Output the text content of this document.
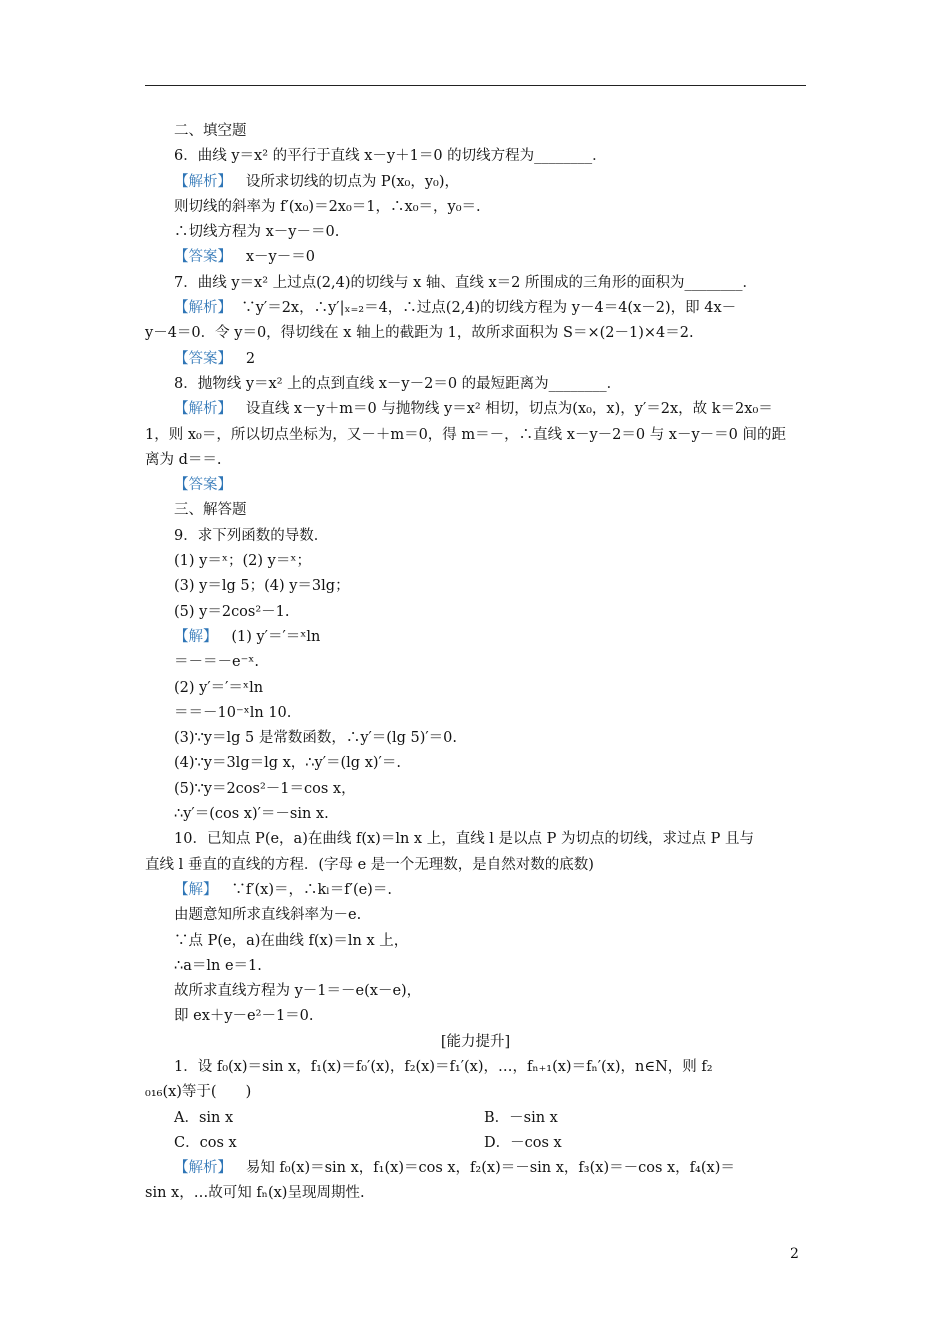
二、填空题
6．曲线 y＝x² 的平行于直线 x－y＋1＝0 的切线方程为________．
【解析】 设所求切线的切点为 P(x₀，y₀)，
则切线的斜率为 f′(x₀)＝2x₀＝1，∴x₀＝，y₀＝.
∴切线方程为 x－y－＝0.
【答案】 x－y－＝0
7．曲线 y＝x² 上过点(2,4)的切线与 x 轴、直线 x＝2 所围成的三角形的面积为________．
【解析】 ∵y′＝2x，∴y′|ₓ₌₂＝4，∴过点(2,4)的切线方程为 y－4＝4(x－2)，即 4x－
y－4＝0．令 y＝0，得切线在 x 轴上的截距为 1，故所求面积为 S＝×(2－1)×4＝2.
【答案】 2
8．抛物线 y＝x² 上的点到直线 x－y－2＝0 的最短距离为________．
【解析】 设直线 x－y＋m＝0 与抛物线 y＝x² 相切，切点为(x₀，x)，y′＝2x，故 k＝2x₀＝
1，则 x₀＝，所以切点坐标为，又－＋m＝0，得 m＝－，∴直线 x－y－2＝0 与 x－y－＝0 间的距
离为 d＝＝.
【答案】
三、解答题
9．求下列函数的导数．
(1) y＝ˣ；(2) y＝ˣ；
(3) y＝lg 5；(4) y＝3lg；
(5) y＝2cos²－1.
【解】 (1) y′＝′＝ˣln
＝－＝－e⁻ˣ.
(2) y′＝′＝ˣln
＝＝－10⁻ˣln 10.
(3)∵y＝lg 5 是常数函数，∴y′＝(lg 5)′＝0.
(4)∵y＝3lg＝lg x，∴y′＝(lg x)′＝.
(5)∵y＝2cos²－1＝cos x，
∴y′＝(cos x)′＝－sin x.
10．已知点 P(e，a)在曲线 f(x)＝ln x 上，直线 l 是以点 P 为切点的切线，求过点 P 且与
直线 l 垂直的直线的方程．(字母 e 是一个无理数，是自然对数的底数)
【解】 ∵f′(x)＝，∴kₗ＝f′(e)＝.
由题意知所求直线斜率为－e.
∵点 P(e，a)在曲线 f(x)＝ln x 上，
∴a＝ln e＝1.
故所求直线方程为 y－1＝－e(x－e)，
即 ex＋y－e²－1＝0.
[能力提升]
1．设 f₀(x)＝sin x，f₁(x)＝f₀′(x)，f₂(x)＝f₁′(x)，…，fₙ₊₁(x)＝fₙ′(x)，n∈N，则 f₂
₀₁₆(x)等于(　　)
A．sin x	B．－sin x
C．cos x	D．－cos x
【解析】 易知 f₀(x)＝sin x，f₁(x)＝cos x，f₂(x)＝－sin x，f₃(x)＝－cos x，f₄(x)＝
sin x，…故可知 fₙ(x)呈现周期性.
2
